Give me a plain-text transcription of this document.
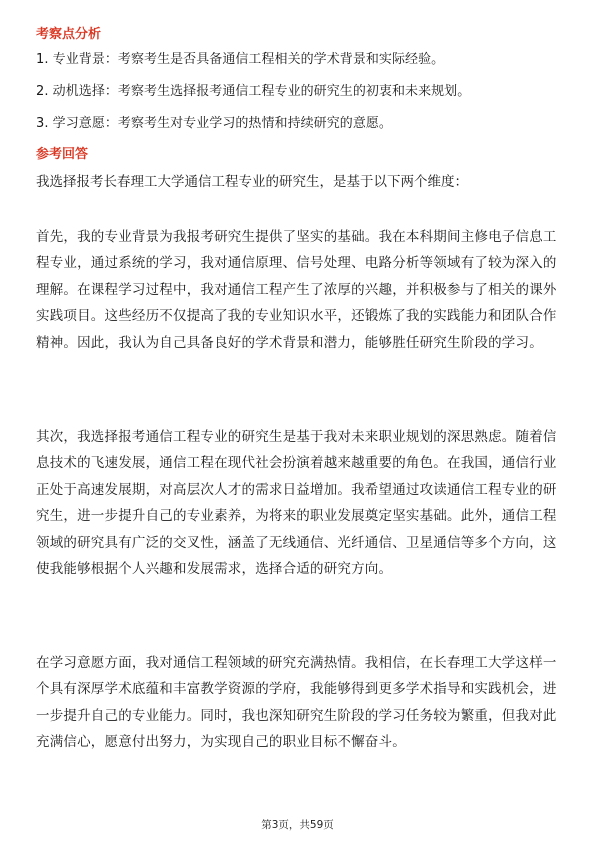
考察点分析
1. 专业背景：考察考生是否具备通信工程相关的学术背景和实际经验。
2. 动机选择：考察考生选择报考通信工程专业的研究生的初衷和未来规划。
3. 学习意愿：考察考生对专业学习的热情和持续研究的意愿。
参考回答

我选择报考长春理工大学通信工程专业的研究生，是基于以下两个维度：

首先，我的专业背景为我报考研究生提供了坚实的基础。我在本科期间主修电子信息工程专业，通过系统的学习，我对通信原理、信号处理、电路分析等领域有了较为深入的理解。在课程学习过程中，我对通信工程产生了浓厚的兴趣，并积极参与了相关的课外实践项目。这些经历不仅提高了我的专业知识水平，还锻炼了我的实践能力和团队合作精神。因此，我认为自己具备良好的学术背景和潜力，能够胜任研究生阶段的学习。

其次，我选择报考通信工程专业的研究生是基于我对未来职业规划的深思熟虑。随着信息技术的飞速发展，通信工程在现代社会扮演着越来越重要的角色。在我国，通信行业正处于高速发展期，对高层次人才的需求日益增加。我希望通过攻读通信工程专业的研究生，进一步提升自己的专业素养，为将来的职业发展奠定坚实基础。此外，通信工程领域的研究具有广泛的交叉性，涵盖了无线通信、光纤通信、卫星通信等多个方向，这使我能够根据个人兴趣和发展需求，选择合适的研究方向。

在学习意愿方面，我对通信工程领域的研究充满热情。我相信，在长春理工大学这样一个具有深厚学术底蕴和丰富教学资源的学府，我能够得到更多学术指导和实践机会，进一步提升自己的专业能力。同时，我也深知研究生阶段的学习任务较为繁重，但我对此充满信心，愿意付出努力，为实现自己的职业目标不懈奋斗。

第3页，共59页
